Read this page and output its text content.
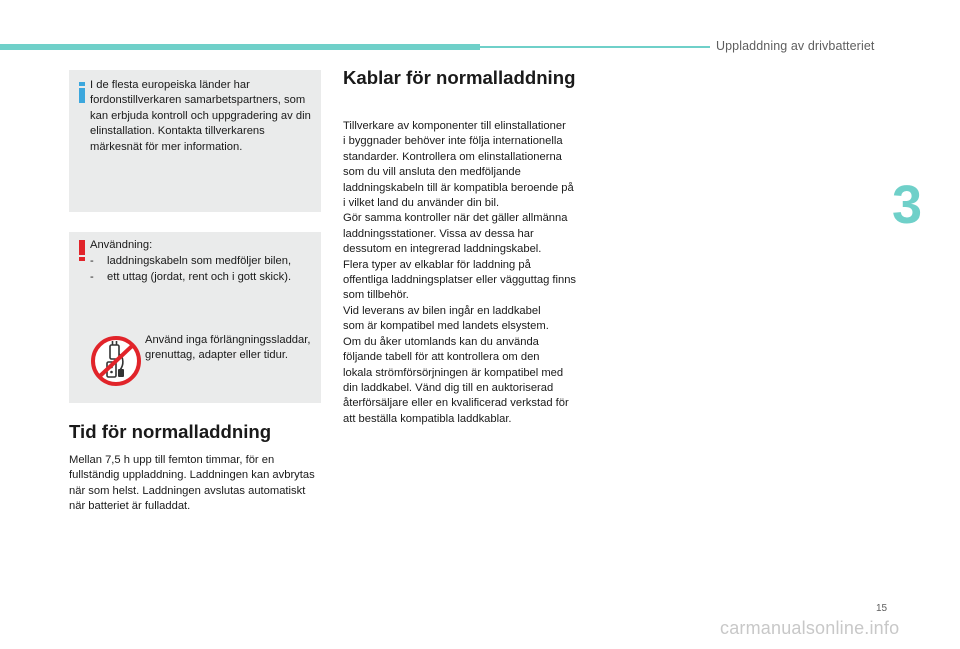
Uppladdning av drivbatteriet
3
I de flesta europeiska länder har fordonstillverkaren samarbetspartners, som kan erbjuda kontroll och uppgradering av din elinstallation. Kontakta tillverkarens märkesnät för mer information.
Användning:
- laddningskabeln som medföljer bilen,
- ett uttag (jordat, rent och i gott skick).
Använd inga förlängningssladdar, grenuttag, adapter eller tidur.
Tid för normalladdning
Mellan 7,5 h upp till femton timmar, för en fullständig uppladdning. Laddningen kan avbrytas när som helst. Laddningen avslutas automatiskt när batteriet är fulladdat.
Kablar för normalladdning
Tillverkare av komponenter till elinstallationer
i byggnader behöver inte följa internationella
standarder. Kontrollera om elinstallationerna
som du vill ansluta den medföljande
laddningskabeln till är kompatibla beroende på
i vilket land du använder din bil.
Gör samma kontroller när det gäller allmänna
laddningsstationer. Vissa av dessa har
dessutom en integrerad laddningskabel.
Flera typer av elkablar för laddning på
offentliga laddningsplatser eller vägguttag finns
som tillbehör.
Vid leverans av bilen ingår en laddkabel
som är kompatibel med landets elsystem.
Om du åker utomlands kan du använda
följande tabell för att kontrollera om den
lokala strömförsörjningen är kompatibel med
din laddkabel. Vänd dig till en auktoriserad
återförsäljare eller en kvalificerad verkstad för
att beställa kompatibla laddkablar.
15
carmanualsonline.info
